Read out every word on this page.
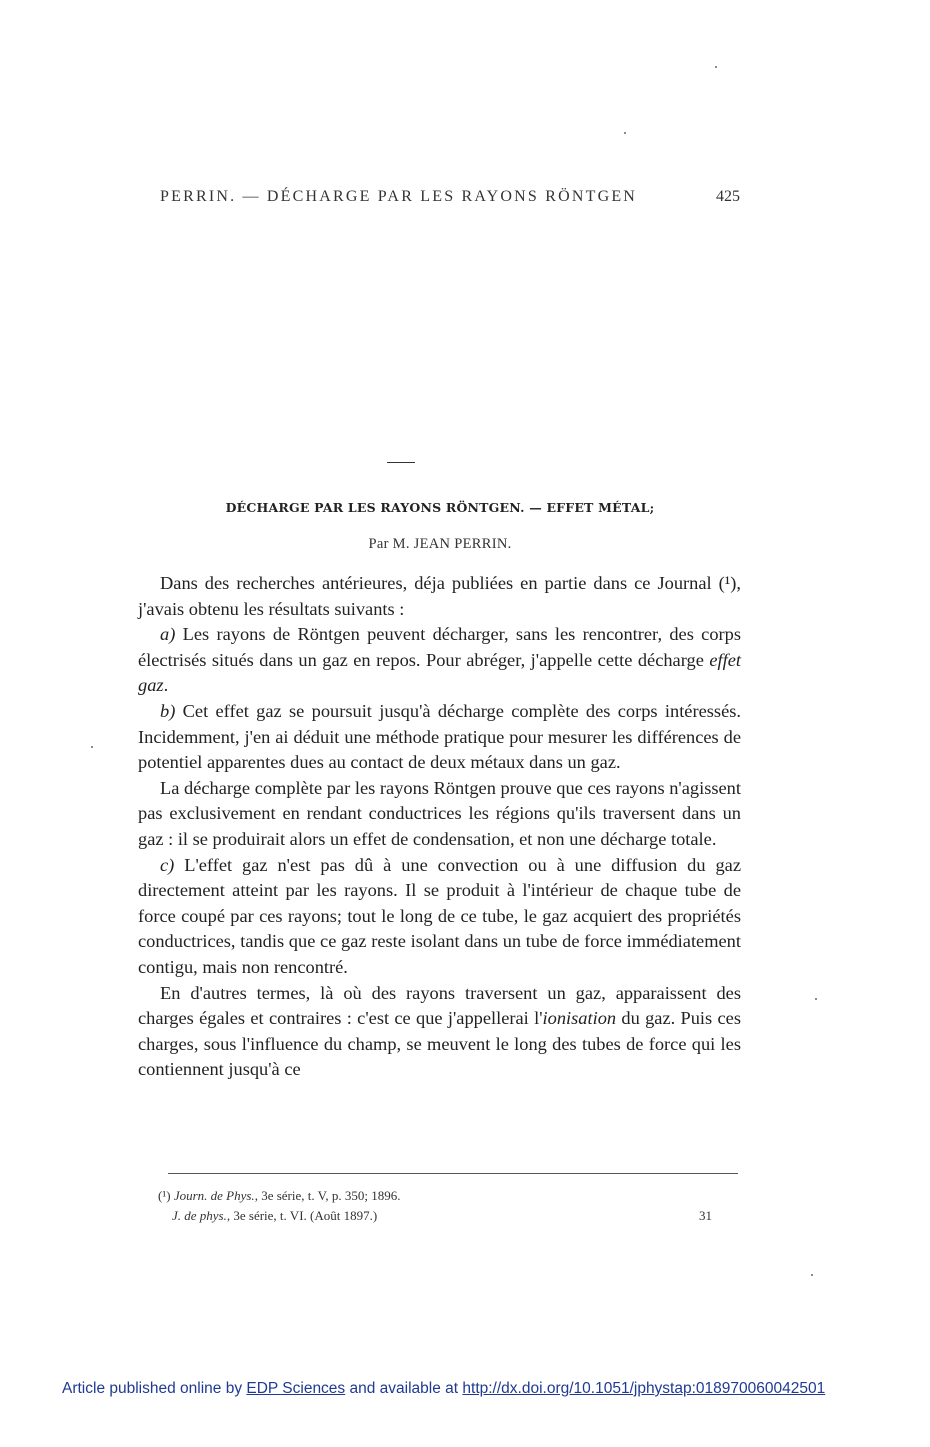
PERRIN. — DÉCHARGE PAR LES RAYONS RÖNTGEN	425
DÉCHARGE PAR LES RAYONS RÖNTGEN. — EFFET MÉTAL;
Par M. JEAN PERRIN.

Dans des recherches antérieures, déja publiées en partie dans ce Journal (¹), j'avais obtenu les résultats suivants :

a) Les rayons de Röntgen peuvent décharger, sans les rencontrer, des corps électrisés situés dans un gaz en repos. Pour abréger, j'appelle cette décharge effet gaz.

b) Cet effet gaz se poursuit jusqu'à décharge complète des corps intéressés. Incidemment, j'en ai déduit une méthode pratique pour mesurer les différences de potentiel apparentes dues au contact de deux métaux dans un gaz.

La décharge complète par les rayons Röntgen prouve que ces rayons n'agissent pas exclusivement en rendant conductrices les régions qu'ils traversent dans un gaz : il se produirait alors un effet de condensation, et non une décharge totale.

c) L'effet gaz n'est pas dû à une convection ou à une diffusion du gaz directement atteint par les rayons. Il se produit à l'intérieur de chaque tube de force coupé par ces rayons; tout le long de ce tube, le gaz acquiert des propriétés conductrices, tandis que ce gaz reste isolant dans un tube de force immédiatement contigu, mais non rencontré.

En d'autres termes, là où des rayons traversent un gaz, apparaissent des charges égales et contraires : c'est ce que j'appellerai l'ionisation du gaz. Puis ces charges, sous l'influence du champ, se meuvent le long des tubes de force qui les contiennent jusqu'à ce

(¹) Journ. de Phys., 3e série, t. V, p. 350; 1896.
J. de phys., 3e série, t. VI. (Août 1897.)	31
Article published online by EDP Sciences and available at http://dx.doi.org/10.1051/jphystap:018970060042501
